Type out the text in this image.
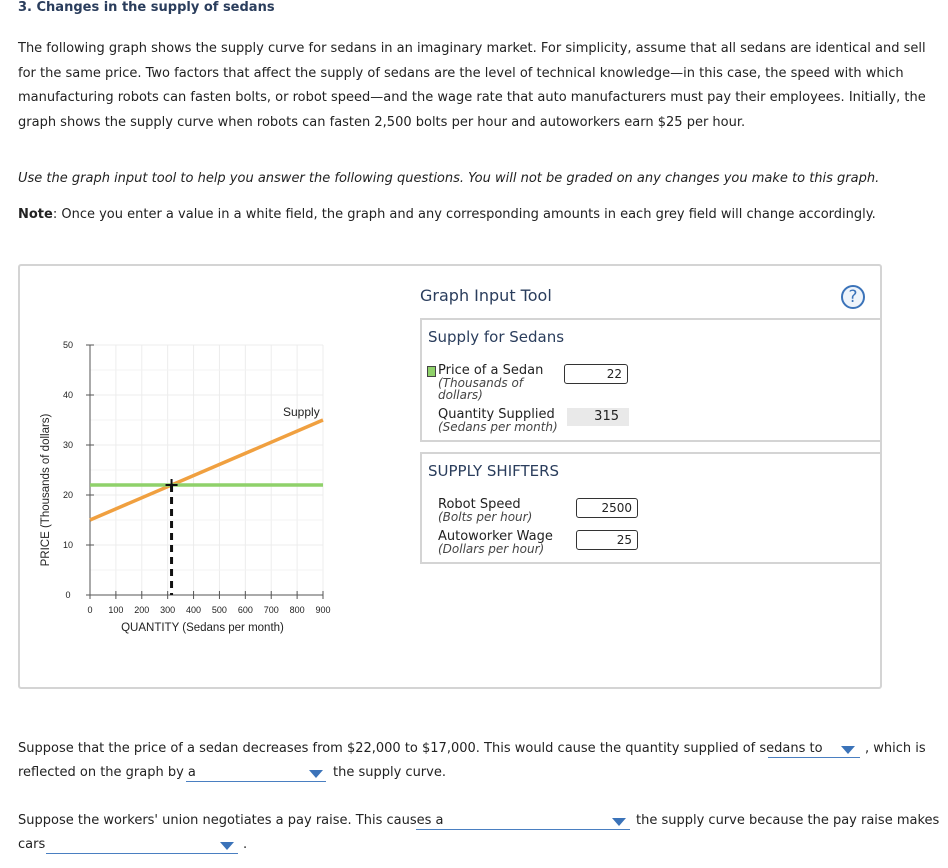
3. Changes in the supply of sedans
The following graph shows the supply curve for sedans in an imaginary market. For simplicity, assume that all sedans are identical and sell for the same price. Two factors that affect the supply of sedans are the level of technical knowledge—in this case, the speed with which manufacturing robots can fasten bolts, or robot speed—and the wage rate that auto manufacturers must pay their employees. Initially, the graph shows the supply curve when robots can fasten 2,500 bolts per hour and autoworkers earn $25 per hour.
Use the graph input tool to help you answer the following questions. You will not be graded on any changes you make to this graph.
Note: Once you enter a value in a white field, the graph and any corresponding amounts in each grey field will change accordingly.
0 100 200 300 400 500 600 700 800 900
0
10
20
30
40
50
Supply
QUANTITY (Sedans per month)
PRICE (Thousands of dollars)
Graph Input Tool	?
Supply for Sedans
Price of a Sedan
(Thousands of dollars)
22
Quantity Supplied
(Sedans per month)
315
SUPPLY SHIFTERS
Robot Speed
(Bolts per hour)
2500
Autoworker Wage
(Dollars per hour)
25
Suppose that the price of a sedan decreases from $22,000 to $17,000. This would cause the quantity supplied of sedans to	, which is
reflected on the graph by a	the supply curve.
Suppose the workers' union negotiates a pay raise. This causes a	the supply curve because the pay raise makes
cars	.
